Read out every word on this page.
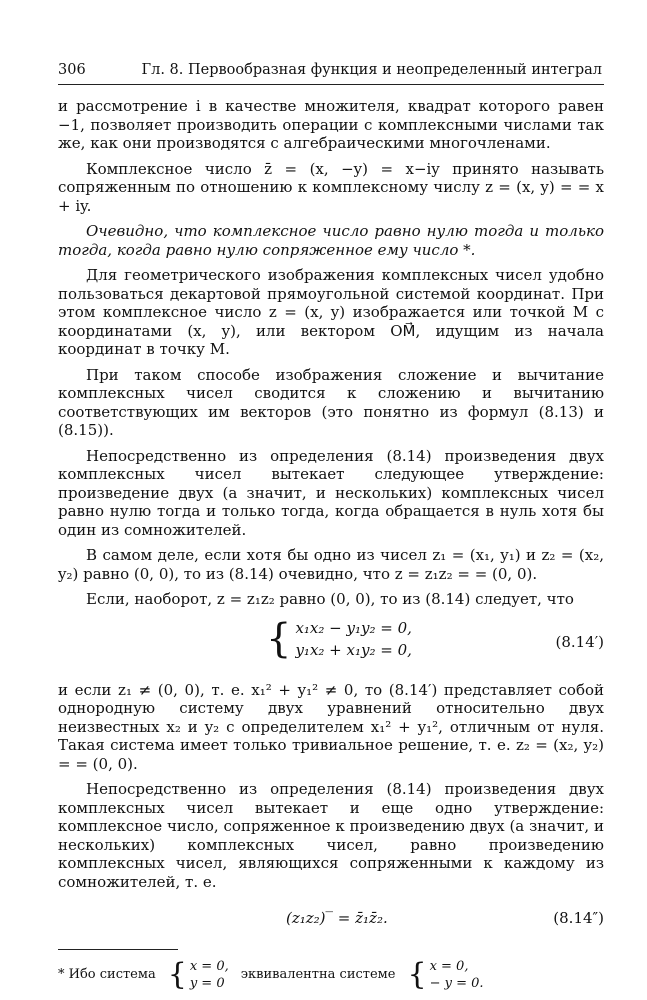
306	Гл. 8. Первообразная функция и неопределенный интеграл

и рассмотрение i в качестве множителя, квадрат которого равен −1, позволяет производить операции с комплексными числами так же, как они производятся с алгебраическими многочленами.

Комплексное число z̄ = (x, −y) = x−iy принято называть сопряженным по отношению к комплексному числу z = (x, y) = = x + iy.

Очевидно, что комплексное число равно нулю тогда и только тогда, когда равно нулю сопряженное ему число *.

Для геометрического изображения комплексных чисел удобно пользоваться декартовой прямоугольной системой координат. При этом комплексное число z = (x, y) изображается или точкой M с координатами (x, y), или вектором OM⃗, идущим из начала координат в точку M.

При таком способе изображения сложение и вычитание комплексных чисел сводится к сложению и вычитанию соответствующих им векторов (это понятно из формул (8.13) и (8.15)).

Непосредственно из определения (8.14) произведения двух комплексных чисел вытекает следующее утверждение: произведение двух (а значит, и нескольких) комплексных чисел равно нулю тогда и только тогда, когда обращается в нуль хотя бы один из сомножителей.

В самом деле, если хотя бы одно из чисел z₁ = (x₁, y₁) и z₂ = (x₂, y₂) равно (0, 0), то из (8.14) очевидно, что z = z₁z₂ = = (0, 0).

Если, наоборот, z = z₁z₂ равно (0, 0), то из (8.14) следует, что

{ x₁x₂ − y₁y₂ = 0,
y₁x₂ + x₁y₂ = 0,	(8.14′)

и если z₁ ≠ (0, 0), т. е. x₁² + y₁² ≠ 0, то (8.14′) представляет собой однородную систему двух уравнений относительно двух неизвестных x₂ и y₂ с определителем x₁² + y₁², отличным от нуля. Такая система имеет только тривиальное решение, т. е. z₂ = (x₂, y₂) = = (0, 0).

Непосредственно из определения (8.14) произведения двух комплексных чисел вытекает и еще одно утверждение: комплексное число, сопряженное к произведению двух (а значит, и нескольких) комплексных чисел, равно произведению комплексных чисел, являющихся сопряженными к каждому из сомножителей, т. е.

(z₁z₂)‾ = z̄₁z̄₂.	(8.14″)
* Ибо система { x = 0,
y = 0
эквивалентна системе { x = 0,
− y = 0.
